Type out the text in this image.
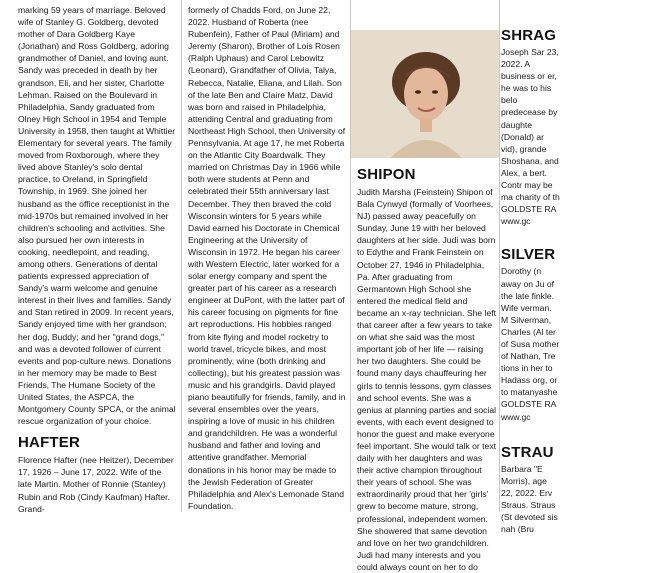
marking 59 years of marriage. Beloved wife of Stanley G. Goldberg, devoted mother of Dara Goldberg Kaye (Jonathan) and Ross Goldberg, adoring grandmother of Daniel, and loving aunt. Sandy was preceded in death by her grandson, Eli, and her sister, Charlotte Lehman. Raised on the Boulevard in Philadelphia, Sandy graduated from Olney High School in 1954 and Temple University in 1958, then taught at Whittier Elementary for several years. The family moved from Roxborough, where they lived above Stanley's solo dental practice, to Oreland, in Springfield Township, in 1969. She joined her husband as the office receptionist in the mid-1970s but remained involved in her children's schooling and activities. She also pursued her own interests in cooking, needlepoint, and reading, among others. Generations of dental patients expressed appreciation of Sandy's warm welcome and genuine interest in their lives and families. Sandy and Stan retired in 2009. In recent years, Sandy enjoyed time with her grandson; her dog, Buddy; and her "grand dogs," and was a devoted follower of current events and pop-culture news. Donations in her memory may be made to Best Friends, The Humane Society of the United States, the ASPCA, the Montgomery County SPCA, or the animal rescue organization of your choice.

HAFTER

Florence Hafter (nee Heitzer), December 17, 1926 – June 17, 2022. Wife of the late Martin. Mother of Ronnie (Stanley) Rubin and Rob (Cindy Kaufman) Hafter. Grand-

formerly of Chadds Ford, on June 22, 2022. Husband of Roberta (nee Rubenfein), Father of Paul (Miriam) and Jeremy (Sharon), Brother of Lois Rosen (Ralph Uphaus) and Carol Lebowitz (Leonard), Grandfather of Olivia, Talya, Rebecca, Natalie, Eliana, and Lilah. Son of the late Ben and Claire Matz, David was born and raised in Philadelphia, attending Central and graduating from Northeast High School, then University of Pennsylvania. At age 17, he met Roberta on the Atlantic City Boardwalk. They married on Christmas Day in 1966 while both were students at Penn and celebrated their 55th anniversary last December. They then braved the cold Wisconsin winters for 5 years while David earned his Doctorate in Chemical Engineering at the University of Wisconsin in 1972. He began his career with Western Electric, later worked for a solar energy company and spent the greater part of his career as a research engineer at DuPont, with the latter part of his career focusing on pigments for fine art reproductions. His hobbies ranged from kite flying and model rocketry to world travel, tricycle bikes, and most prominently, wine (both drinking and collecting), but his greatest passion was music and his grandgirls. David played piano beautifully for friends, family, and in several ensembles over the years, inspiring a love of music in his children and grandchildren. He was a wonderful husband and father and loving and attentive grandfather. Memorial donations in his honor may be made to the Jewish Federation of Greater Philadelphia and Alex's Lemonade Stand Foundation.

SHIPON

Judith Marsha (Feinstein) Shipon of Bala Cynwyd (formally of Voorhees, NJ) passed away peacefully on Sunday, June 19 with her beloved daughters at her side. Judi was born to Edythe and Frank Feinstein on October 27, 1946 in Philadelphia, Pa. After graduating from Germantown High School she entered the medical field and became an x-ray technician. She left that career after a few years to take on what she said was the most important job of her life — raising her two daughters. She could be found many days chauffeuring her girls to tennis lessons, gym classes and school events. She was a genius at planning parties and social events, with each event designed to honor the guest and make everyone feel important. She would talk or text daily with her daughters and was their active champion throughout their years of school. She was extraordinarily proud that her 'girls' grew to become mature, strong, professional, independent women. She showered that same devotion and love on her two grandchildren. Judi had many interests and you could always count on her to do

SHRAG

Joseph Sar 23, 2022. A business or er, he was to his belo predecease by daughte (Donald) ar vid), grande Shoshana, and Alex, a bert. Contr may be ma charity of th GOLDSTE RA www.gc

SILVER

Dorothy (n away on Ju of the late finkle. Wife verman. M Silverman, Charles (Al ter of Susa mother of Nathan, Tre tions in her to Hadass org, or to matanyashe GOLDSTE RA www.gc

STRAU

Barbara "E Morris), age 22, 2022. Erv Straus. Straus (St devoted sis nah (Bru
